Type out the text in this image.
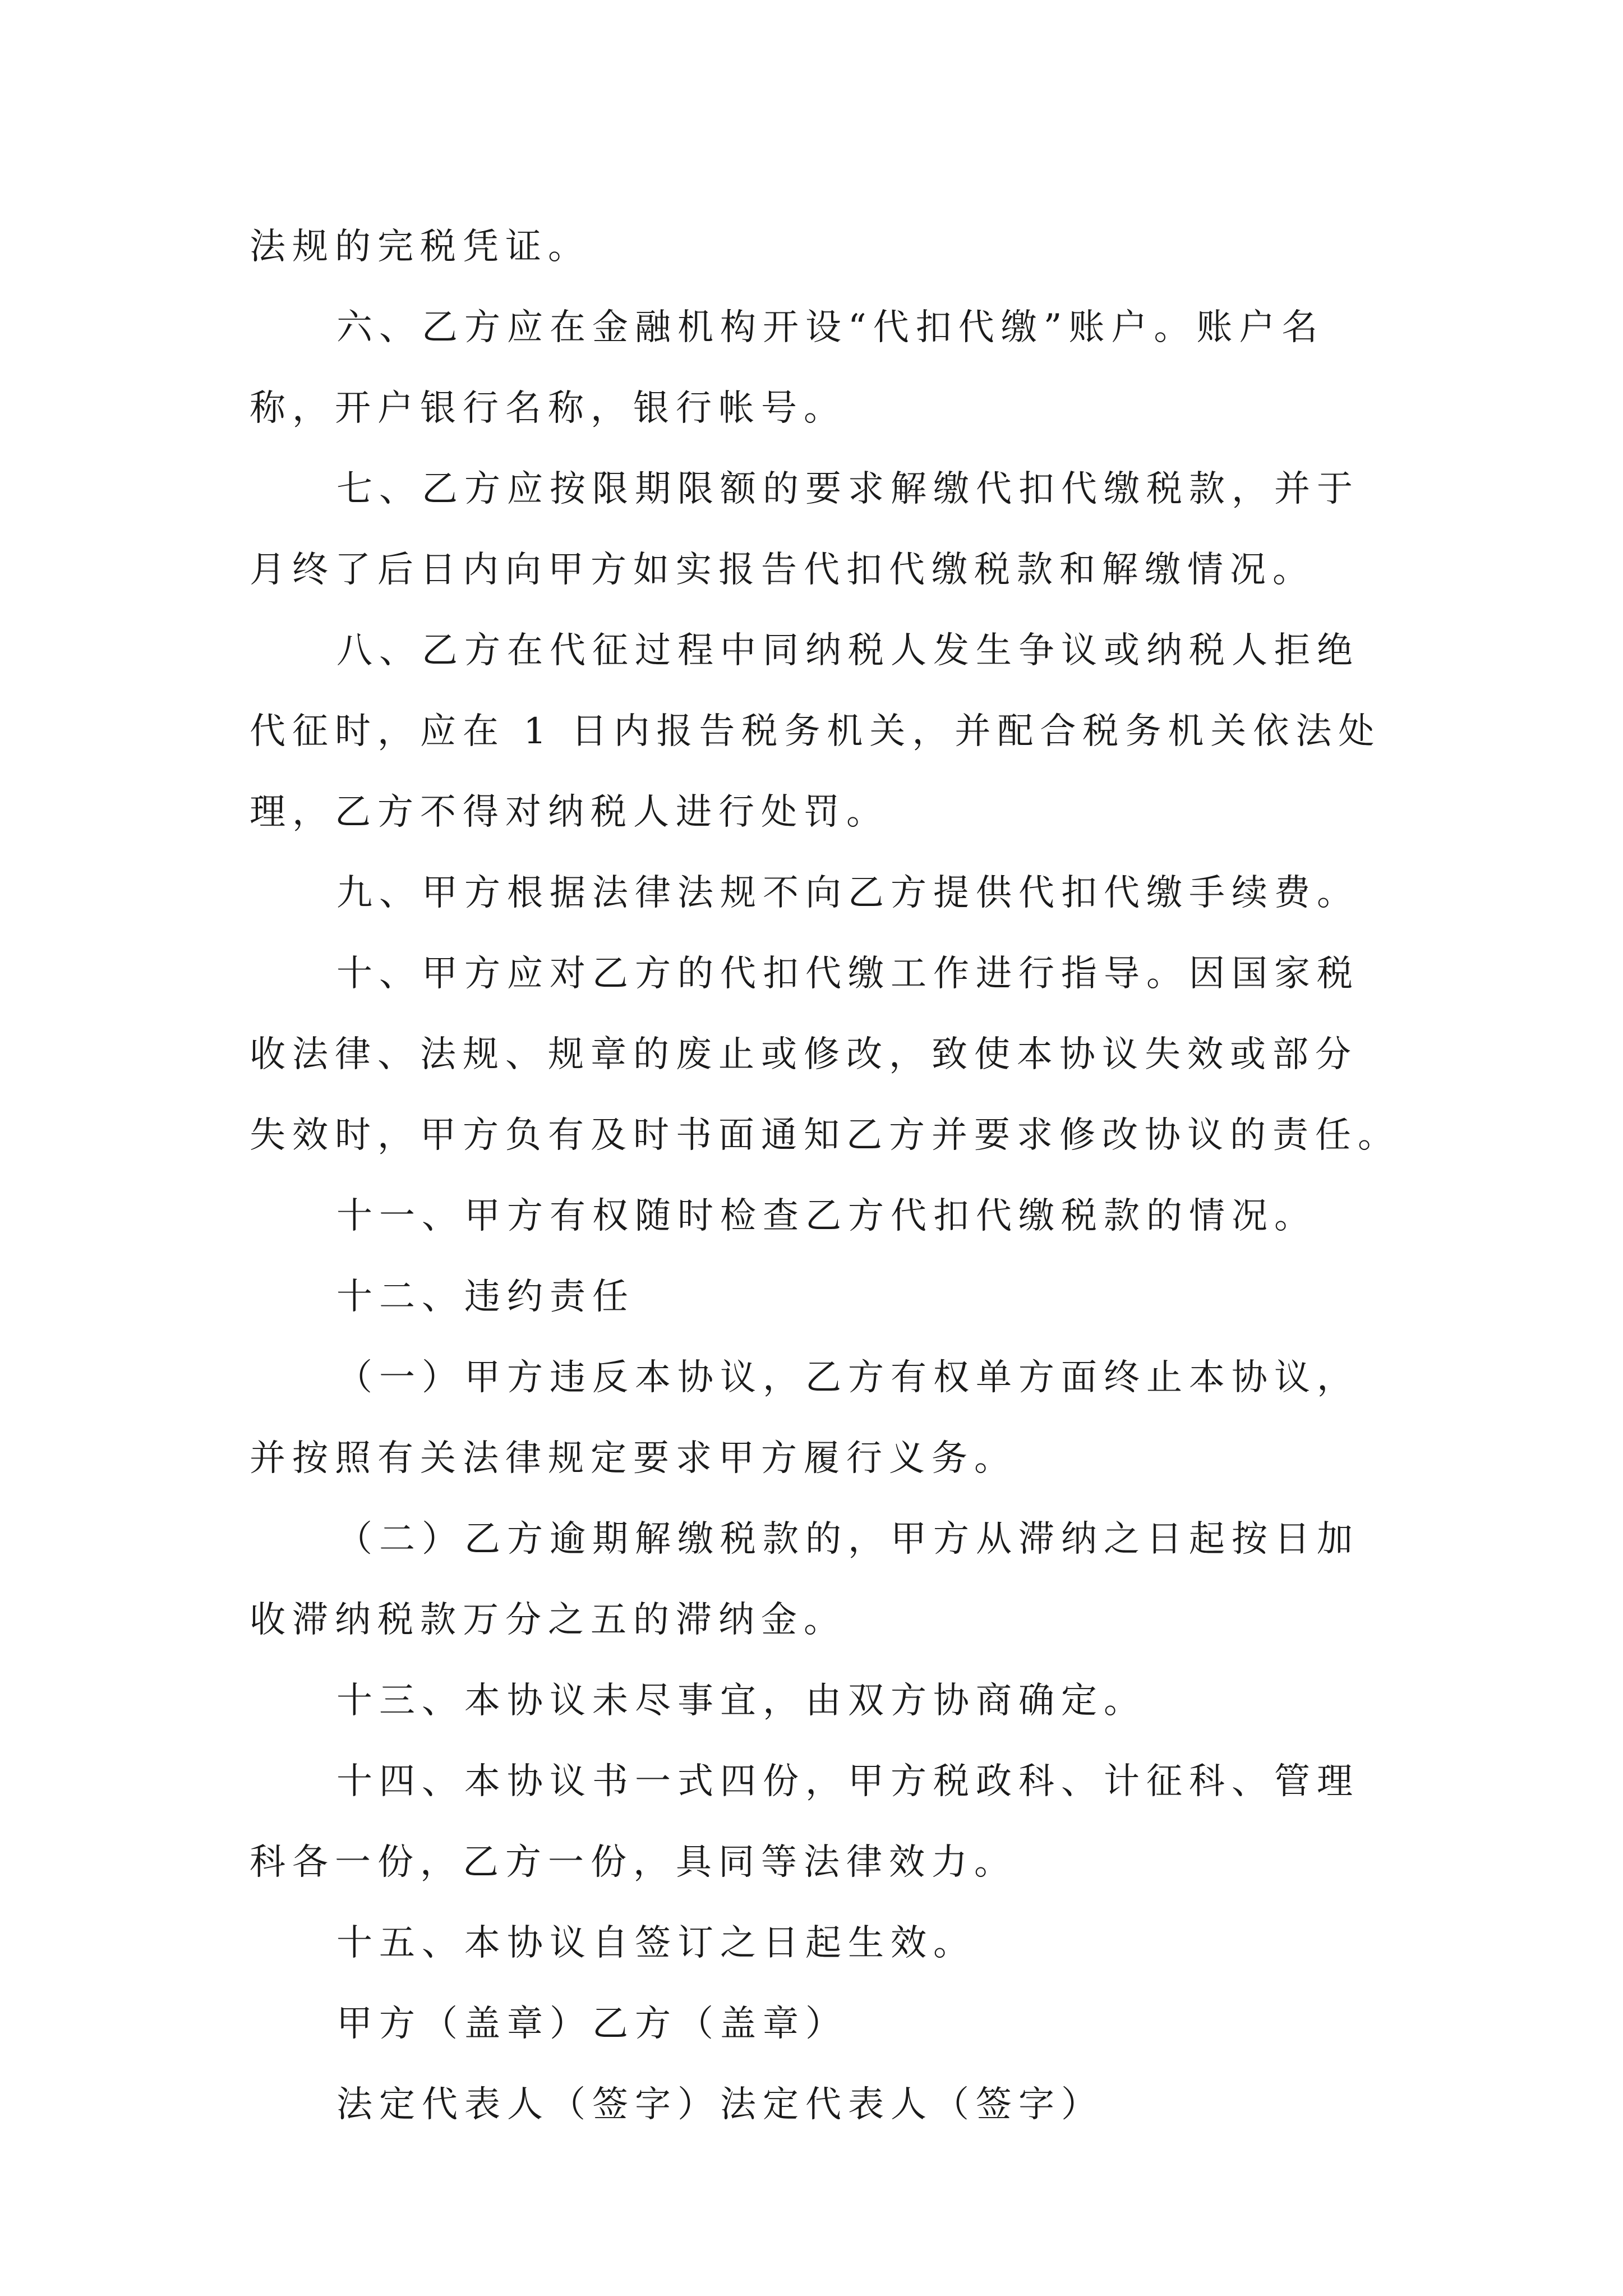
法规的完税凭证。
六、乙方应在金融机构开设“代扣代缴”账户。账户名
称，开户银行名称，银行帐号。
七、乙方应按限期限额的要求解缴代扣代缴税款，并于
月终了后日内向甲方如实报告代扣代缴税款和解缴情况。
八、乙方在代征过程中同纳税人发生争议或纳税人拒绝
代征时，应在 1 日内报告税务机关，并配合税务机关依法处
理，乙方不得对纳税人进行处罚。
九、甲方根据法律法规不向乙方提供代扣代缴手续费。
十、甲方应对乙方的代扣代缴工作进行指导。因国家税
收法律、法规、规章的废止或修改，致使本协议失效或部分
失效时，甲方负有及时书面通知乙方并要求修改协议的责任。
十一、甲方有权随时检查乙方代扣代缴税款的情况。
十二、违约责任
（一）甲方违反本协议，乙方有权单方面终止本协议，
并按照有关法律规定要求甲方履行义务。
（二）乙方逾期解缴税款的，甲方从滞纳之日起按日加
收滞纳税款万分之五的滞纳金。
十三、本协议未尽事宜，由双方协商确定。
十四、本协议书一式四份，甲方税政科、计征科、管理
科各一份，乙方一份，具同等法律效力。
十五、本协议自签订之日起生效。
甲方（盖章）乙方（盖章）
法定代表人（签字）法定代表人（签字）
